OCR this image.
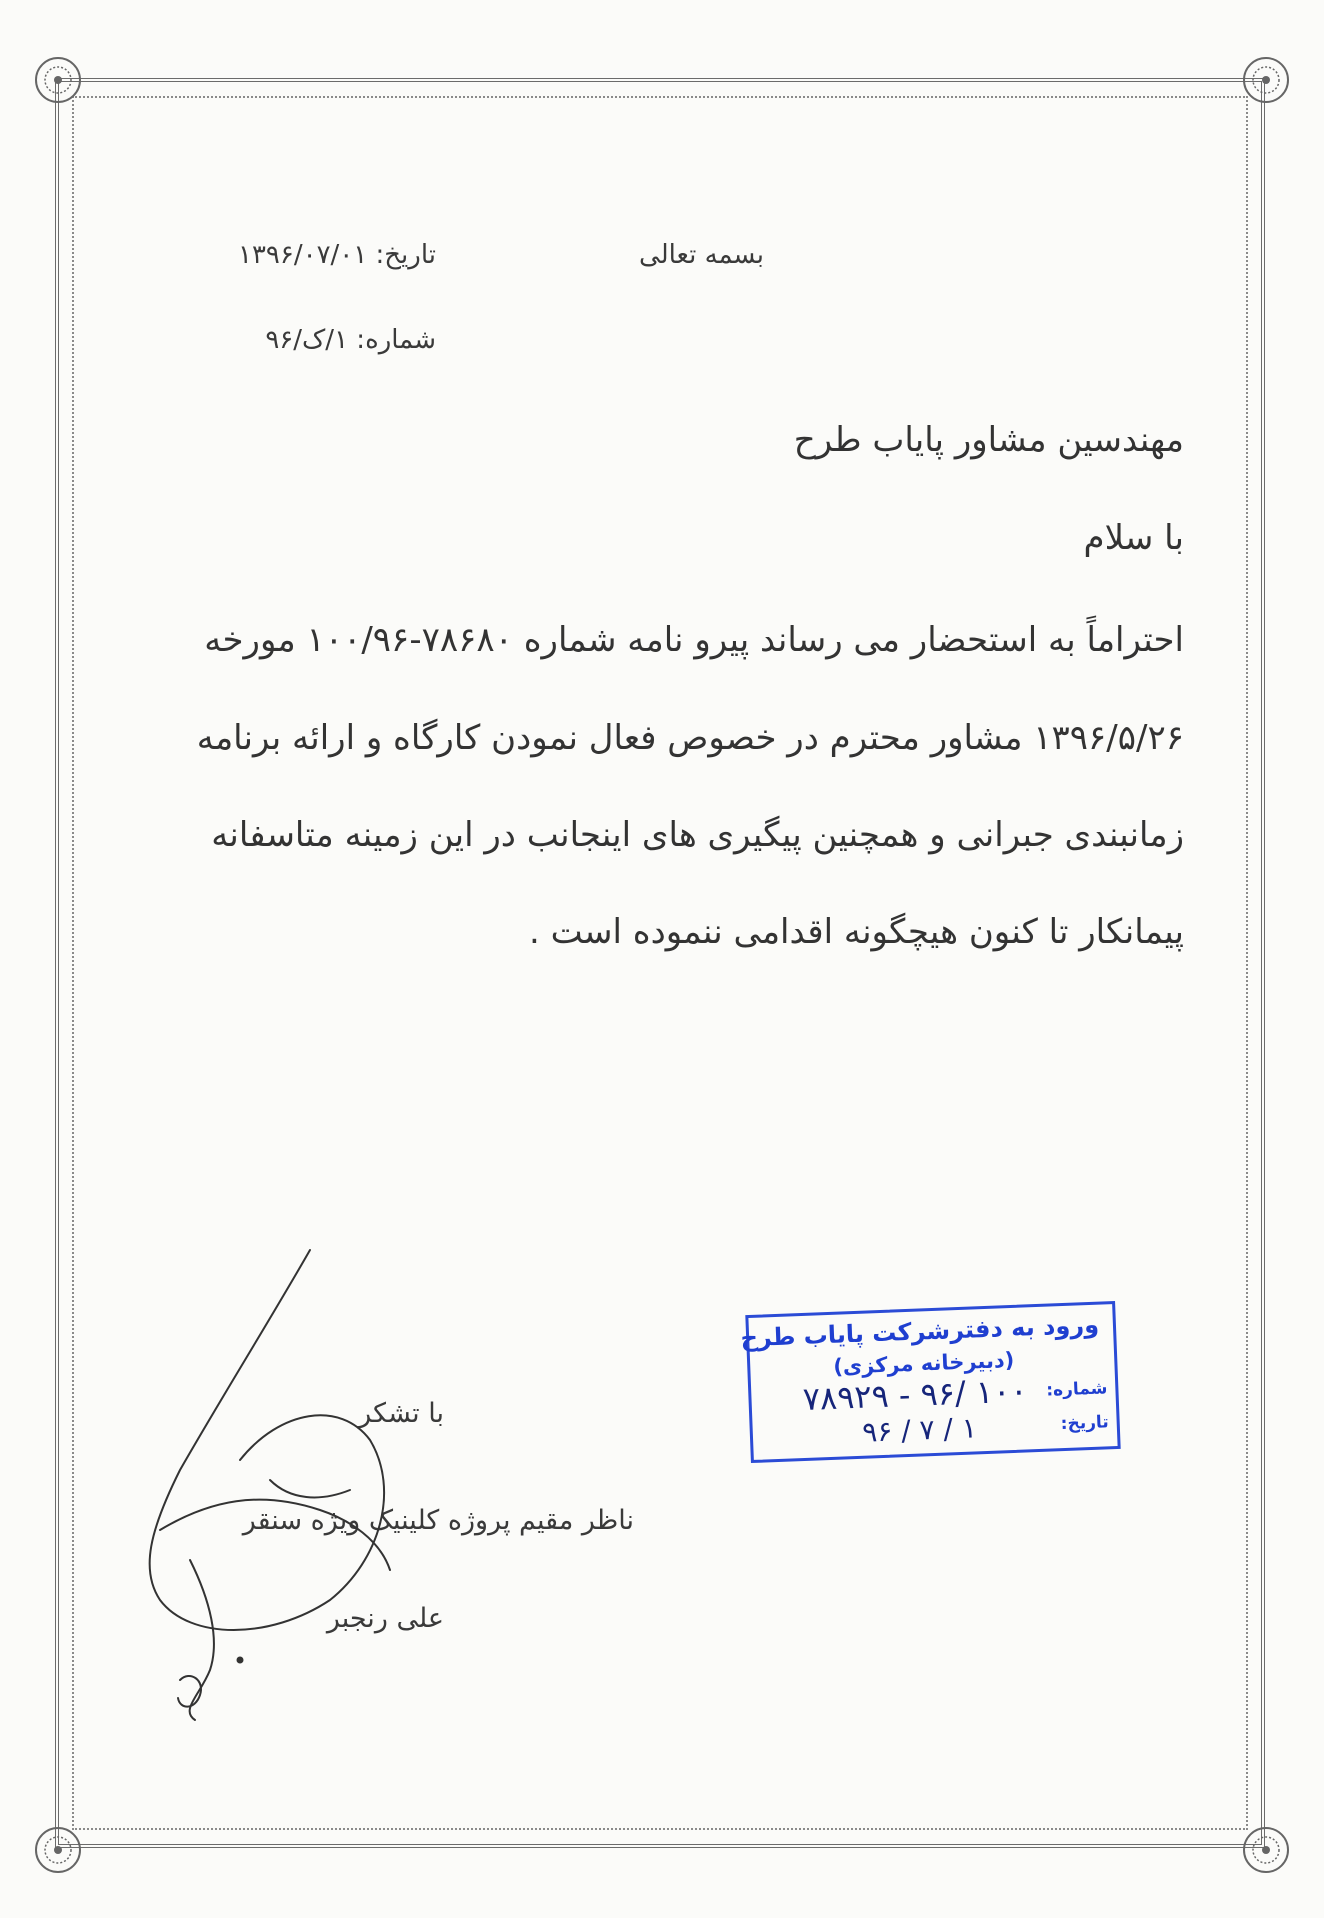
بسمه تعالی
تاریخ: ۱۳۹۶/۰۷/۰۱
شماره: ۱/ک/۹۶
مهندسین مشاور پایاب طرح
با سلام
احتراماً به استحضار می رساند پیرو نامه شماره ۷۸۶۸۰-۱۰۰/۹۶ مورخه
۱۳۹۶/۵/۲۶ مشاور محترم در خصوص فعال نمودن کارگاه و ارائه برنامه
زمانبندی جبرانی و همچنین پیگیری های اینجانب در این زمینه متاسفانه
پیمانکار تا کنون هیچگونه اقدامی ننموده است .
با تشکر
ناظر مقیم پروژه کلینیک ویژه سنقر
علی رنجبر
ورود به دفترشرکت پایاب طرح
(دبیرخانه مرکزی)
شماره:
تاریخ:
۷۸۹۲۹ - ۹۶/ ۱۰۰
۹۶ / ۷ / ۱
